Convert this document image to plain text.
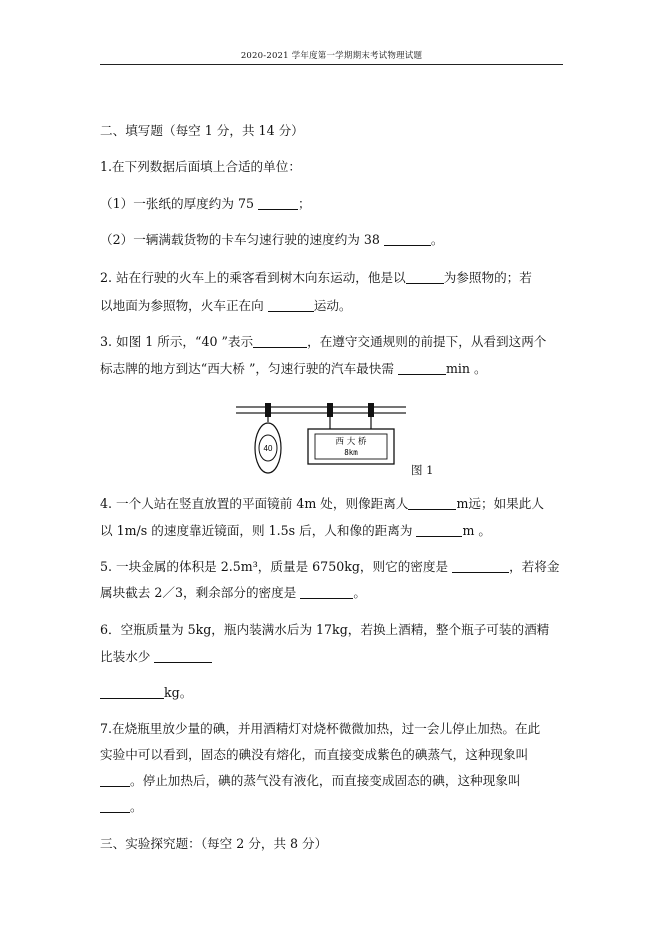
2020-2021 学年度第一学期期末考试物理试题
二、填写题（每空 1 分，共 14 分）
1.在下列数据后面填上合适的单位：
（1）一张纸的厚度约为 75	；
（2）一辆满载货物的卡车匀速行驶的速度约为 38	。
2. 站在行驶的火车上的乘客看到树木向东运动，他是以	为参照物的；若
以地面为参照物，火车正在向	运动。
3. 如图 1 所示，“40 ”表示	，在遵守交通规则的前提下，从看到这两个
标志牌的地方到达“西大桥 ”，匀速行驶的汽车最快需	min 。
40
西 大 桥
8km
图 1
4. 一个人站在竖直放置的平面镜前 4m 处，则像距离人	m远；如果此人
以 1m/s 的速度靠近镜面，则 1.5s 后，人和像的距离为	m 。
5. 一块金属的体积是 2.5m³，质量是 6750kg，则它的密度是	，若将金
属块截去 2／3，剩余部分的密度是	。
6．空瓶质量为 5kg，瓶内装满水后为 17kg，若换上酒精，整个瓶子可装的酒精
比装水少
kg。
7.在烧瓶里放少量的碘，并用酒精灯对烧杯微微加热，过一会儿停止加热。在此
实验中可以看到，固态的碘没有熔化，而直接变成紫色的碘蒸气，这种现象叫
。停止加热后，碘的蒸气没有液化，而直接变成固态的碘，这种现象叫
。
三、实验探究题：（每空 2 分，共 8 分）
